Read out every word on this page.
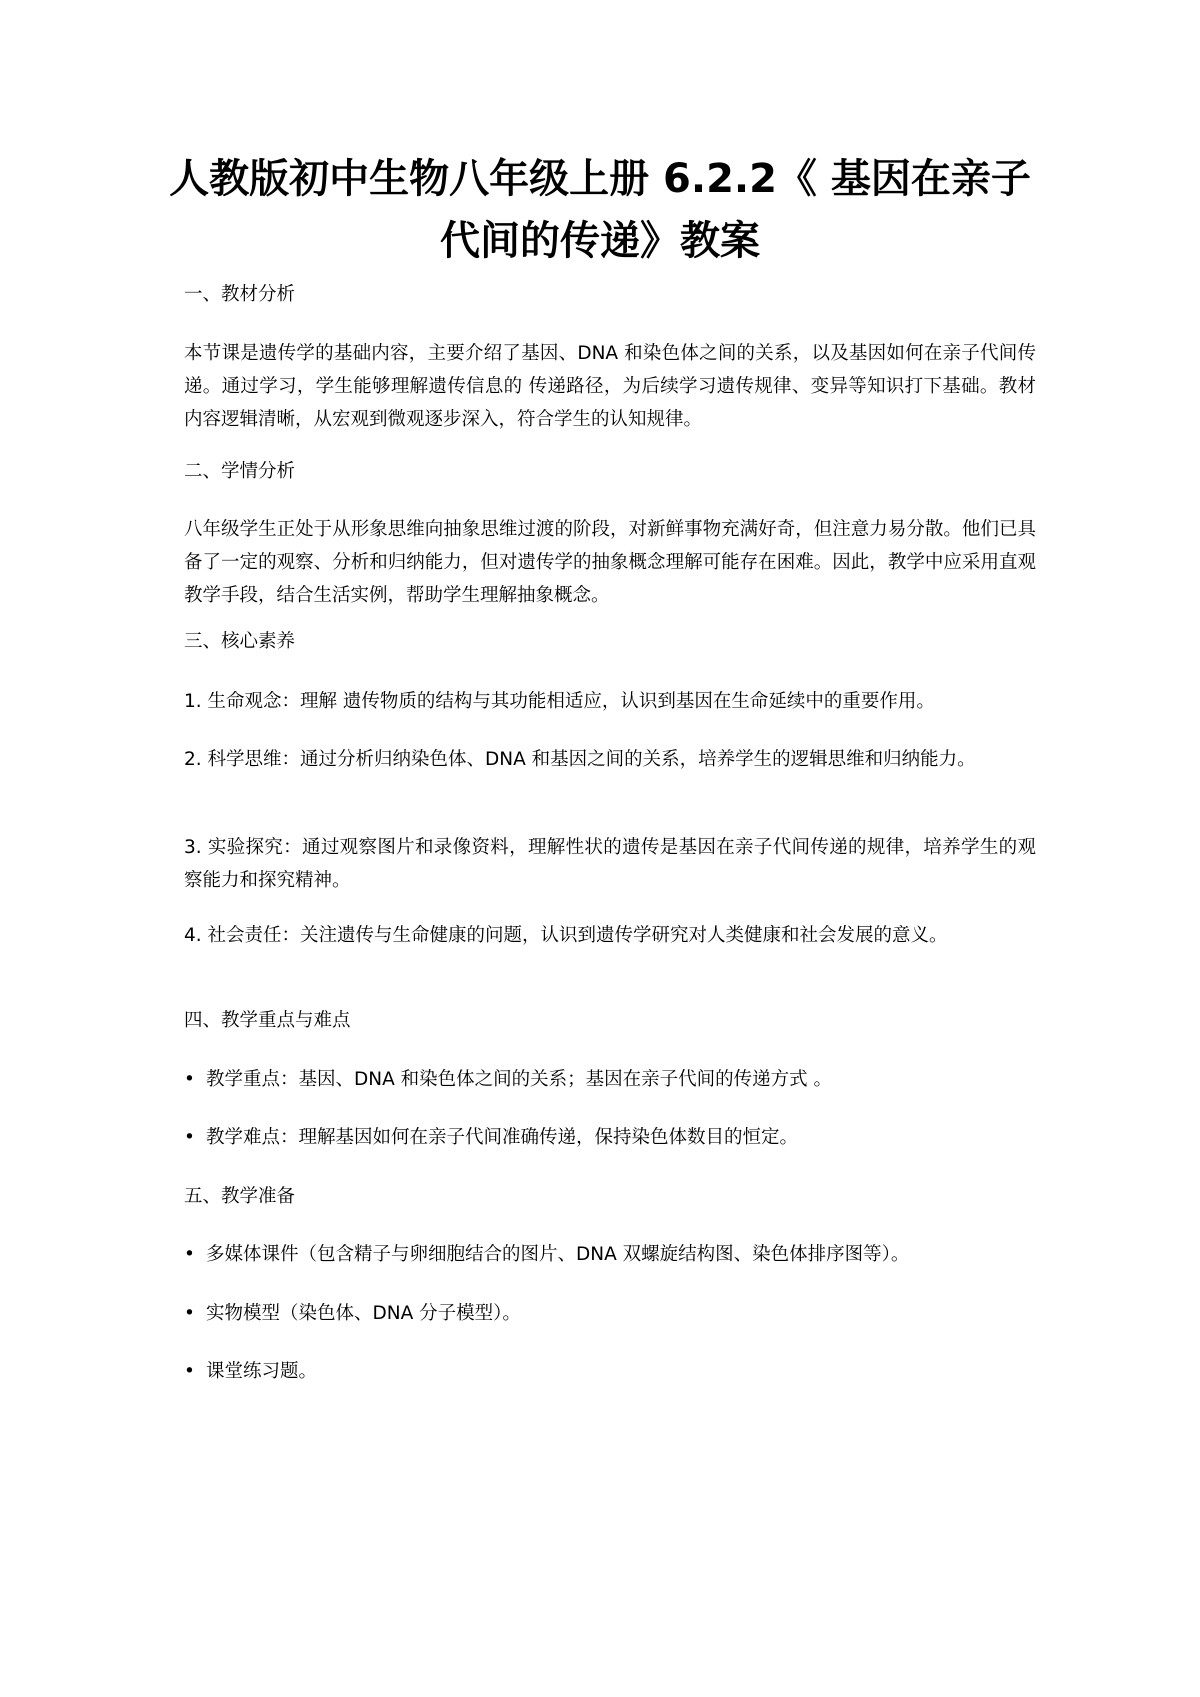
人教版初中生物八年级上册 6.2.2《 基因在亲子
代间的传递》教案

一、教材分析

本节课是遗传学的基础内容，主要介绍了基因、DNA 和染色体之间的关系，以及基因如何在亲子代间传递。通过学习，学生能够理解遗传信息的 传递路径，为后续学习遗传规律、变异等知识打下基础。教材内容逻辑清晰，从宏观到微观逐步深入，符合学生的认知规律。

二、学情分析

八年级学生正处于从形象思维向抽象思维过渡的阶段，对新鲜事物充满好奇，但注意力易分散。他们已具备了一定的观察、分析和归纳能力，但对遗传学的抽象概念理解可能存在困难。因此，教学中应采用直观教学手段，结合生活实例，帮助学生理解抽象概念。

三、核心素养

1. 生命观念：理解 遗传物质的结构与其功能相适应，认识到基因在生命延续中的重要作用。

2. 科学思维：通过分析归纳染色体、DNA 和基因之间的关系，培养学生的逻辑思维和归纳能力。

3. 实验探究：通过观察图片和录像资料，理解性状的遗传是基因在亲子代间传递的规律，培养学生的观察能力和探究精神。

4. 社会责任：关注遗传与生命健康的问题，认识到遗传学研究对人类健康和社会发展的意义。

四、教学重点与难点

• 教学重点：基因、DNA 和染色体之间的关系；基因在亲子代间的传递方式 。

• 教学难点：理解基因如何在亲子代间准确传递，保持染色体数目的恒定。

五、教学准备

• 多媒体课件（包含精子与卵细胞结合的图片、DNA 双螺旋结构图、染色体排序图等）。

• 实物模型（染色体、DNA 分子模型）。

• 课堂练习题。
